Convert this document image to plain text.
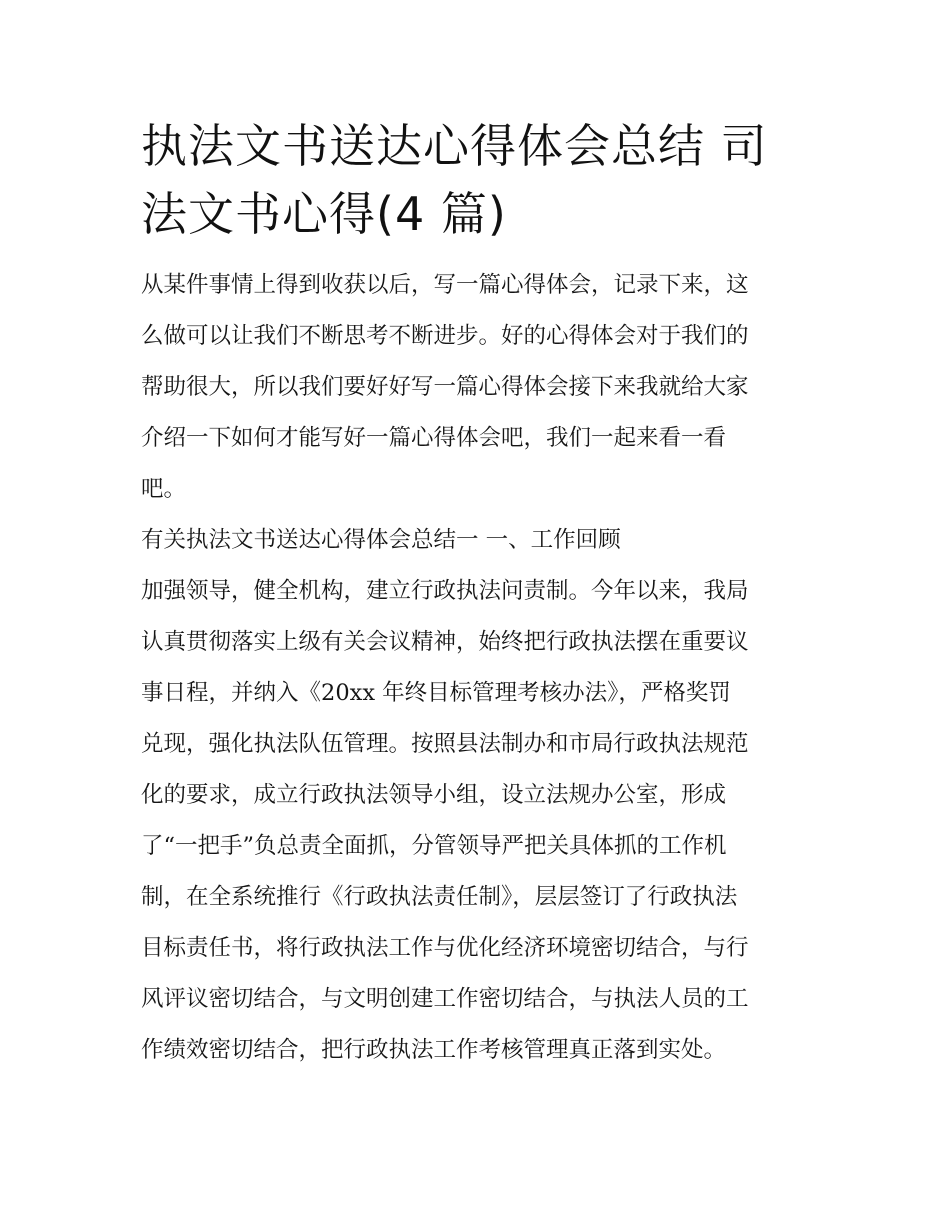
执法文书送达心得体会总结 司
法文书心得(4 篇)
从某件事情上得到收获以后，写一篇心得体会，记录下来，这
么做可以让我们不断思考不断进步。好的心得体会对于我们的
帮助很大，所以我们要好好写一篇心得体会接下来我就给大家
介绍一下如何才能写好一篇心得体会吧，我们一起来看一看
吧。
有关执法文书送达心得体会总结一 一、工作回顾
加强领导，健全机构，建立行政执法问责制。今年以来，我局
认真贯彻落实上级有关会议精神，始终把行政执法摆在重要议
事日程，并纳入《20xx 年终目标管理考核办法》，严格奖罚
兑现，强化执法队伍管理。按照县法制办和市局行政执法规范
化的要求，成立行政执法领导小组，设立法规办公室，形成
了“一把手”负总责全面抓，分管领导严把关具体抓的工作机
制，在全系统推行《行政执法责任制》，层层签订了行政执法
目标责任书，将行政执法工作与优化经济环境密切结合，与行
风评议密切结合，与文明创建工作密切结合，与执法人员的工
作绩效密切结合，把行政执法工作考核管理真正落到实处。
